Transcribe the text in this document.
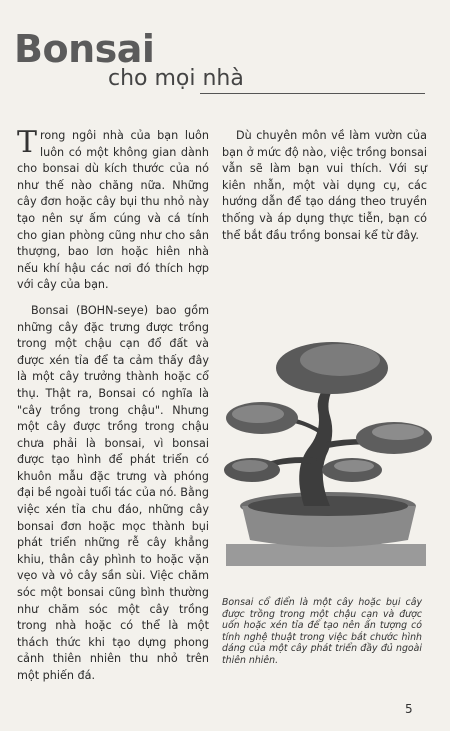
Bonsai
cho mọi nhà

Trong ngôi nhà của bạn luôn luôn có một không gian dành cho bonsai dù kích thước của nó như thế nào chăng nữa. Những cây đơn hoặc cây bụi thu nhỏ này tạo nên sự ấm cúng và cá tính cho gian phòng cũng như cho sân thượng, bao lơn hoặc hiên nhà nếu khí hậu các nơi đó thích hợp với cây của bạn.

Bonsai (BOHN-seye) bao gồm những cây đặc trưng được trồng trong một chậu cạn đổ đất và được xén tỉa để ta cảm thấy đây là một cây trưởng thành hoặc cổ thụ. Thật ra, Bonsai có nghĩa là "cây trồng trong chậu". Nhưng một cây được trồng trong chậu chưa phải là bonsai, vì bonsai được tạo hình để phát triển có khuôn mẫu đặc trưng và phóng đại bề ngoài tuổi tác của nó. Bằng việc xén tỉa chu đáo, những cây bonsai đơn hoặc mọc thành bụi phát triển những rễ cây khẳng khiu, thân cây phình to hoặc vặn vẹo và vỏ cây sần sùi. Việc chăm sóc một bonsai cũng bình thường như chăm sóc một cây trồng trong nhà hoặc có thể là một thách thức khi tạo dựng phong cảnh thiên nhiên thu nhỏ trên một phiến đá.

Dù chuyên môn về làm vườn của bạn ở mức độ nào, việc trồng bonsai vẫn sẽ làm bạn vui thích. Với sự kiên nhẫn, một vài dụng cụ, các hướng dẫn để tạo dáng theo truyền thống và áp dụng thực tiễn, bạn có thể bắt đầu trồng bonsai kể từ đây.

Bonsai cổ điển là một cây hoặc bụi cây được trồng trong một chậu cạn và được uốn hoặc xén tỉa để tạo nên ấn tượng có tính nghệ thuật trong việc bắt chước hình dáng của một cây phát triển đầy đủ ngoài thiên nhiên.
5
